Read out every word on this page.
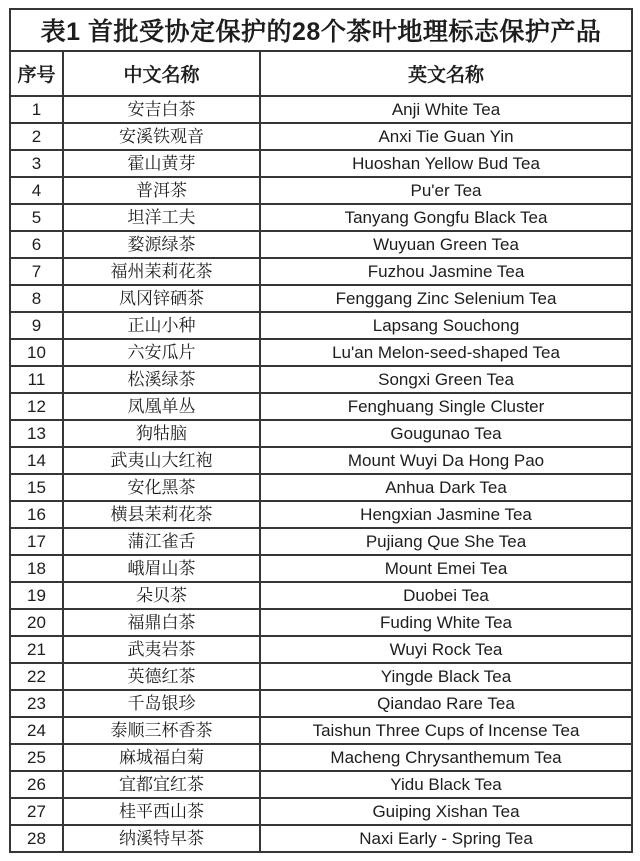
表1 首批受协定保护的28个茶叶地理标志保护产品		
序号	中文名称	英文名称
1	安吉白茶	Anji White Tea
2	安溪铁观音	Anxi Tie Guan Yin
3	霍山黄芽	Huoshan Yellow Bud Tea
4	普洱茶	Pu'er Tea
5	坦洋工夫	Tanyang Gongfu Black Tea
6	婺源绿茶	Wuyuan Green Tea
7	福州茉莉花茶	Fuzhou Jasmine Tea
8	凤冈锌硒茶	Fenggang Zinc Selenium Tea
9	正山小种	Lapsang Souchong
10	六安瓜片	Lu'an Melon-seed-shaped Tea
11	松溪绿茶	Songxi Green Tea
12	凤凰单丛	Fenghuang Single Cluster
13	狗牯脑	Gougunao Tea
14	武夷山大红袍	Mount Wuyi Da Hong Pao
15	安化黑茶	Anhua Dark Tea
16	横县茉莉花茶	Hengxian Jasmine Tea
17	蒲江雀舌	Pujiang Que She Tea
18	峨眉山茶	Mount Emei Tea
19	朵贝茶	Duobei Tea
20	福鼎白茶	Fuding White Tea
21	武夷岩茶	Wuyi Rock Tea
22	英德红茶	Yingde Black Tea
23	千岛银珍	Qiandao Rare Tea
24	泰顺三杯香茶	Taishun Three Cups of Incense Tea
25	麻城福白菊	Macheng Chrysanthemum Tea
26	宜都宜红茶	Yidu Black Tea
27	桂平西山茶	Guiping Xishan Tea
28	纳溪特早茶	Naxi Early - Spring Tea
